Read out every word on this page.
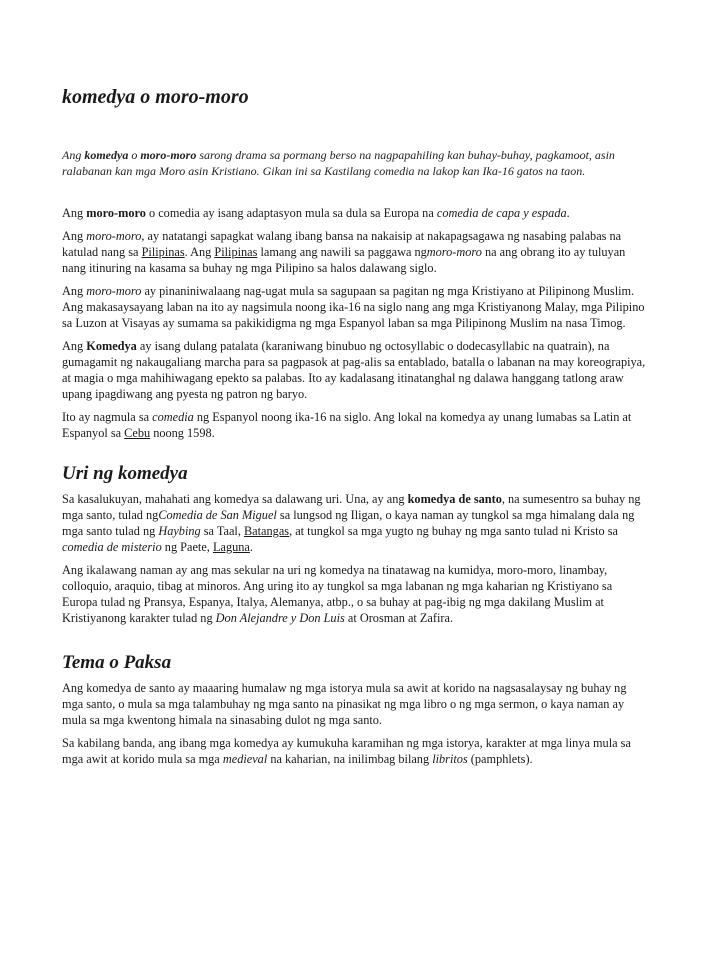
komedya o moro-moro

Ang komedya o moro-moro sarong drama sa pormang berso na nagpapahiling kan buhay-buhay, pagkamoot, asin ralabanan kan mga Moro asin Kristiano. Gikan ini sa Kastilang comedia na lakop kan Ika-16 gatos na taon.

Ang moro-moro o comedia ay isang adaptasyon mula sa dula sa Europa na comedia de capa y espada.

Ang moro-moro, ay natatangi sapagkat walang ibang bansa na nakaisip at nakapagsagawa ng nasabing palabas na katulad nang sa Pilipinas. Ang Pilipinas lamang ang nawili sa paggawa ngmoro-moro na ang obrang ito ay tuluyan nang itinuring na kasama sa buhay ng mga Pilipino sa halos dalawang siglo.

Ang moro-moro ay pinaniniwalaang nag-ugat mula sa sagupaan sa pagitan ng mga Kristiyano at Pilipinong Muslim. Ang makasaysayang laban na ito ay nagsimula noong ika-16 na siglo nang ang mga Kristiyanong Malay, mga Pilipino sa Luzon at Visayas ay sumama sa pakikidigma ng mga Espanyol laban sa mga Pilipinong Muslim na nasa Timog.

Ang Komedya ay isang dulang patalata (karaniwang binubuo ng octosyllabic o dodecasyllabic na quatrain), na gumagamit ng nakaugaliang marcha para sa pagpasok at pag-alis sa entablado, batalla o labanan na may koreograpiya, at magia o mga mahihiwagang epekto sa palabas. Ito ay kadalasang itinatanghal ng dalawa hanggang tatlong araw upang ipagdiwang ang pyesta ng patron ng baryo.

Ito ay nagmula sa comedia ng Espanyol noong ika-16 na siglo. Ang lokal na komedya ay unang lumabas sa Latin at Espanyol sa Cebu noong 1598.

Uri ng komedya

Sa kasalukuyan, mahahati ang komedya sa dalawang uri. Una, ay ang komedya de santo, na sumesentro sa buhay ng mga santo, tulad ngComedia de San Miguel sa lungsod ng Iligan, o kaya naman ay tungkol sa mga himalang dala ng mga santo tulad ng Haybing sa Taal, Batangas, at tungkol sa mga yugto ng buhay ng mga santo tulad ni Kristo sa comedia de misterio ng Paete, Laguna.

Ang ikalawang naman ay ang mas sekular na uri ng komedya na tinatawag na kumidya, moro-moro, linambay, colloquio, araquio, tibag at minoros. Ang uring ito ay tungkol sa mga labanan ng mga kaharian ng Kristiyano sa Europa tulad ng Pransya, Espanya, Italya, Alemanya, atbp., o sa buhay at pag-ibig ng mga dakilang Muslim at Kristiyanong karakter tulad ng Don Alejandre y Don Luis at Orosman at Zafira.

Tema o Paksa

Ang komedya de santo ay maaaring humalaw ng mga istorya mula sa awit at korido na nagsasalaysay ng buhay ng mga santo, o mula sa mga talambuhay ng mga santo na pinasikat ng mga libro o ng mga sermon, o kaya naman ay mula sa mga kwentong himala na sinasabing dulot ng mga santo.

Sa kabilang banda, ang ibang mga komedya ay kumukuha karamihan ng mga istorya, karakter at mga linya mula sa mga awit at korido mula sa mga medieval na kaharian, na inilimbag bilang libritos (pamphlets).
